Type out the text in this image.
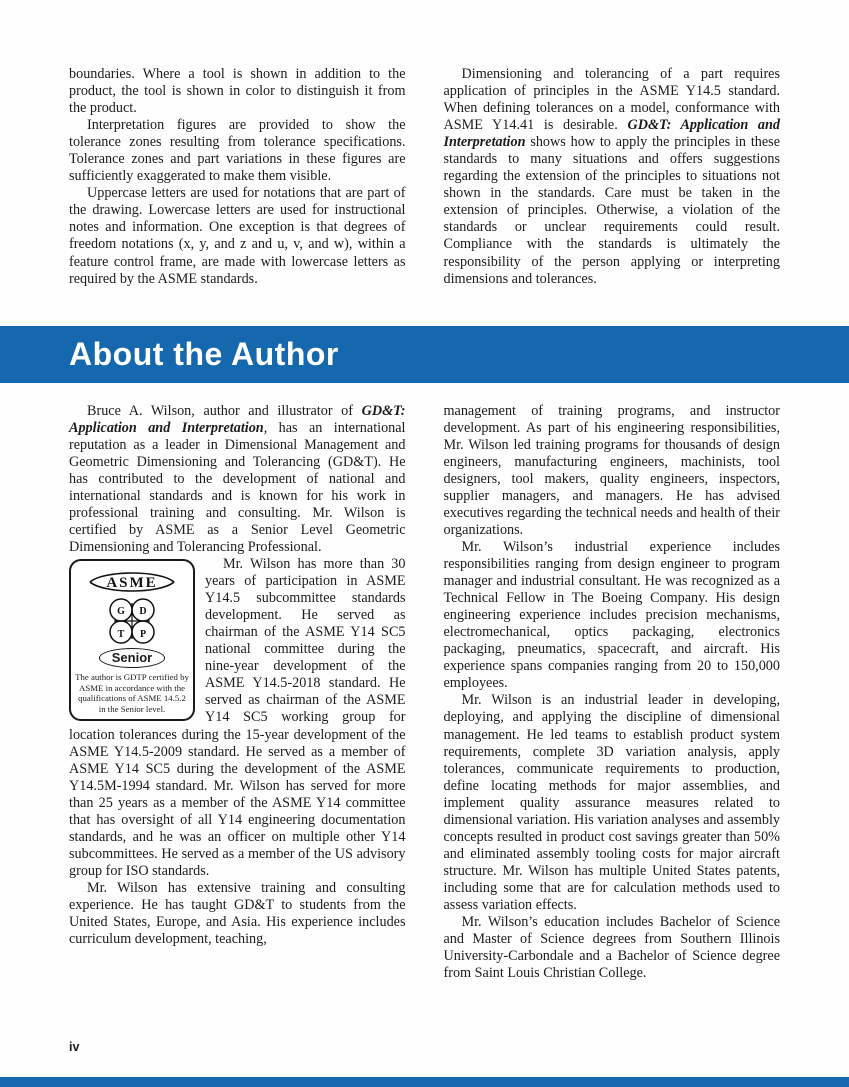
boundaries. Where a tool is shown in addition to the product, the tool is shown in color to distinguish it from the product.

Interpretation figures are provided to show the tolerance zones resulting from tolerance specifications. Tolerance zones and part variations in these figures are sufficiently exaggerated to make them visible.

Uppercase letters are used for notations that are part of the drawing. Lowercase letters are used for instructional notes and information. One exception is that degrees of freedom notations (x, y, and z and u, v, and w), within a feature control frame, are made with lowercase letters as required by the ASME standards.

Dimensioning and tolerancing of a part requires application of principles in the ASME Y14.5 standard. When defining tolerances on a model, conformance with ASME Y14.41 is desirable. GD&T: Application and Interpretation shows how to apply the principles in these standards to many situations and offers suggestions regarding the extension of the principles to situations not shown in the standards. Care must be taken in the extension of principles. Otherwise, a violation of the standards or unclear requirements could result. Compliance with the standards is ultimately the responsibility of the person applying or interpreting dimensions and tolerances.

About the Author

Bruce A. Wilson, author and illustrator of GD&T: Application and Interpretation, has an international reputation as a leader in Dimensional Management and Geometric Dimensioning and Tolerancing (GD&T). He has contributed to the development of national and international standards and is known for his work in professional training and consulting. Mr. Wilson is certified by ASME as a Senior Level Geometric Dimensioning and Tolerancing Professional.

ASME
G D
T P
Senior
The author is GDTP certified by ASME in accordance with the qualifications of ASME 14.5.2 in the Senior level.

Mr. Wilson has more than 30 years of participation in ASME Y14.5 subcommittee standards development. He served as chairman of the ASME Y14 SC5 national committee during the nine-year development of the ASME Y14.5-2018 standard. He served as chairman of the ASME Y14 SC5 working group for location tolerances during the 15-year development of the ASME Y14.5-2009 standard. He served as a member of ASME Y14 SC5 during the development of the ASME Y14.5M-1994 standard. Mr. Wilson has served for more than 25 years as a member of the ASME Y14 committee that has oversight of all Y14 engineering documentation standards, and he was an officer on multiple other Y14 subcommittees. He served as a member of the US advisory group for ISO standards.

Mr. Wilson has extensive training and consulting experience. He has taught GD&T to students from the United States, Europe, and Asia. His experience includes curriculum development, teaching,

management of training programs, and instructor development. As part of his engineering responsibilities, Mr. Wilson led training programs for thousands of design engineers, manufacturing engineers, machinists, tool designers, tool makers, quality engineers, inspectors, supplier managers, and managers. He has advised executives regarding the technical needs and health of their organizations.

Mr. Wilson’s industrial experience includes responsibilities ranging from design engineer to program manager and industrial consultant. He was recognized as a Technical Fellow in The Boeing Company. His design engineering experience includes precision mechanisms, electromechanical, optics packaging, electronics packaging, pneumatics, spacecraft, and aircraft. His experience spans companies ranging from 20 to 150,000 employees.

Mr. Wilson is an industrial leader in developing, deploying, and applying the discipline of dimensional management. He led teams to establish product system requirements, complete 3D variation analysis, apply tolerances, communicate requirements to production, define locating methods for major assemblies, and implement quality assurance measures related to dimensional variation. His variation analyses and assembly concepts resulted in product cost savings greater than 50% and eliminated assembly tooling costs for major aircraft structure. Mr. Wilson has multiple United States patents, including some that are for calculation methods used to assess variation effects.

Mr. Wilson’s education includes Bachelor of Science and Master of Science degrees from Southern Illinois University-Carbondale and a Bachelor of Science degree from Saint Louis Christian College.

iv
